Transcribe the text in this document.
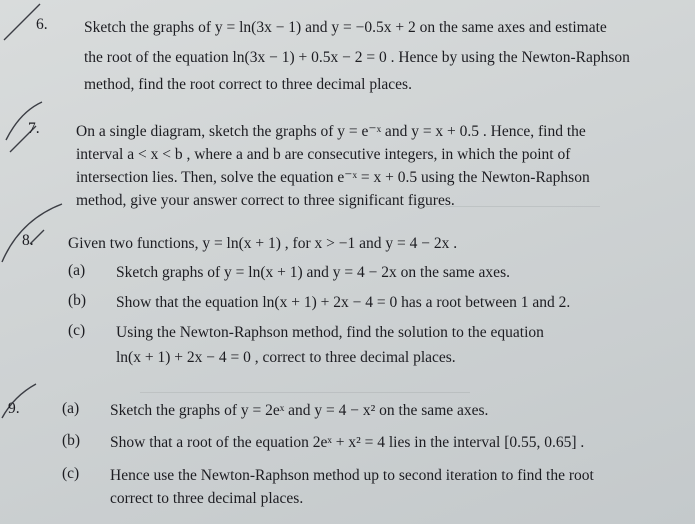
6. Sketch the graphs of y = ln(3x − 1) and y = −0.5x + 2 on the same axes and estimate
the root of the equation ln(3x − 1) + 0.5x − 2 = 0 . Hence by using the Newton-Raphson
method, find the root correct to three decimal places.
7. On a single diagram, sketch the graphs of y = e⁻ˣ and y = x + 0.5 . Hence, find the
interval a < x < b , where a and b are consecutive integers, in which the point of
intersection lies. Then, solve the equation e⁻ˣ = x + 0.5 using the Newton-Raphson
method, give your answer correct to three significant figures.
8. Given two functions, y = ln(x + 1) , for x > −1 and y = 4 − 2x .
(a) Sketch graphs of y = ln(x + 1) and y = 4 − 2x on the same axes.
(b) Show that the equation ln(x + 1) + 2x − 4 = 0 has a root between 1 and 2.
(c) Using the Newton-Raphson method, find the solution to the equation
ln(x + 1) + 2x − 4 = 0 , correct to three decimal places.
9.	(a) Sketch the graphs of y = 2eˣ and y = 4 − x² on the same axes.
(b) Show that a root of the equation 2eˣ + x² = 4 lies in the interval [0.55, 0.65] .
(c) Hence use the Newton-Raphson method up to second iteration to find the root
correct to three decimal places.
